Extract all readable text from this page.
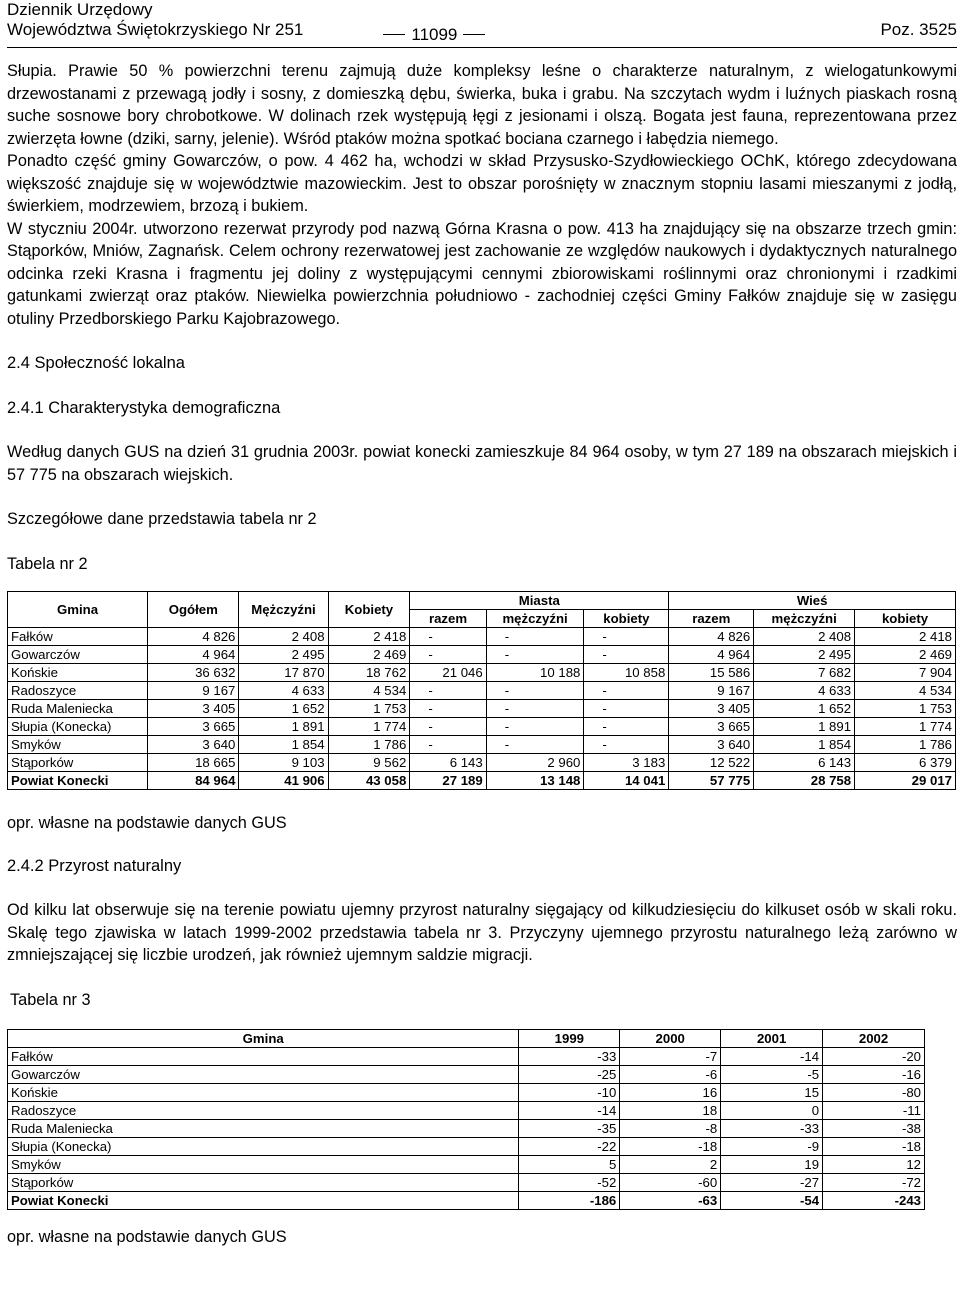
Dziennik Urzędowy
Województwa Świętokrzyskiego Nr 251	11099	Poz. 3525

Słupia. Prawie 50 % powierzchni terenu zajmują duże kompleksy leśne o charakterze naturalnym, z wielogatunkowymi drzewostanami z przewagą jodły i sosny, z domieszką dębu, świerka, buka i grabu. Na szczytach wydm i luźnych piaskach rosną suche sosnowe bory chrobotkowe. W dolinach rzek występują łęgi z jesionami i olszą. Bogata jest fauna, reprezentowana przez zwierzęta łowne (dziki, sarny, jelenie). Wśród ptaków można spotkać bociana czarnego i łabędzia niemego.

Ponadto część gminy Gowarczów, o pow. 4 462 ha, wchodzi w skład Przysusko-Szydłowieckiego OChK, którego zdecydowana większość znajduje się w województwie mazowieckim. Jest to obszar porośnięty w znacznym stopniu lasami mieszanymi z jodłą, świerkiem, modrzewiem, brzozą i bukiem.

W styczniu 2004r. utworzono rezerwat przyrody pod nazwą Górna Krasna o pow. 413 ha znajdujący się na obszarze trzech gmin: Stąporków, Mniów, Zagnańsk. Celem ochrony rezerwatowej jest zachowanie ze względów naukowych i dydaktycznych naturalnego odcinka rzeki Krasna i fragmentu jej doliny z występującymi cennymi zbiorowiskami roślinnymi oraz chronionymi i rzadkimi gatunkami zwierząt oraz ptaków. Niewielka powierzchnia południowo - zachodniej części Gminy Fałków znajduje się w zasięgu otuliny Przedborskiego Parku Kajobrazowego.

2.4 Społeczność lokalna

2.4.1 Charakterystyka demograficzna

Według danych GUS na dzień 31 grudnia 2003r. powiat konecki zamieszkuje 84 964 osoby, w tym 27 189 na obszarach miejskich i 57 775 na obszarach wiejskich.

Szczegółowe dane przedstawia tabela nr 2

Tabela nr 2

Gmina	Ogółem	Mężczyźni	Kobiety	Miasta			Wieś		
				razem	mężczyźni	kobiety	razem	mężczyźni	kobiety
Fałków	4 826	2 408	2 418	-	-	-	4 826	2 408	2 418
Gowarczów	4 964	2 495	2 469	-	-	-	4 964	2 495	2 469
Końskie	36 632	17 870	18 762	21 046	10 188	10 858	15 586	7 682	7 904
Radoszyce	9 167	4 633	4 534	-	-	-	9 167	4 633	4 534
Ruda Maleniecka	3 405	1 652	1 753	-	-	-	3 405	1 652	1 753
Słupia (Konecka)	3 665	1 891	1 774	-	-	-	3 665	1 891	1 774
Smyków	3 640	1 854	1 786	-	-	-	3 640	1 854	1 786
Stąporków	18 665	9 103	9 562	6 143	2 960	3 183	12 522	6 143	6 379
Powiat Konecki	84 964	41 906	43 058	27 189	13 148	14 041	57 775	28 758	29 017

opr. własne na podstawie danych GUS

2.4.2 Przyrost naturalny

Od kilku lat obserwuje się na terenie powiatu ujemny przyrost naturalny sięgający od kilkudziesięciu do kilkuset osób w skali roku. Skalę tego zjawiska w latach 1999-2002 przedstawia tabela nr 3. Przyczyny ujemnego przyrostu naturalnego leżą zarówno w zmniejszającej się liczbie urodzeń, jak również ujemnym saldzie migracji.

Tabela nr 3

Gmina	1999	2000	2001	2002
Fałków	-33	-7	-14	-20
Gowarczów	-25	-6	-5	-16
Końskie	-10	16	15	-80
Radoszyce	-14	18	0	-11
Ruda Maleniecka	-35	-8	-33	-38
Słupia (Konecka)	-22	-18	-9	-18
Smyków	5	2	19	12
Stąporków	-52	-60	-27	-72
Powiat Konecki	-186	-63	-54	-243

opr. własne na podstawie danych GUS
